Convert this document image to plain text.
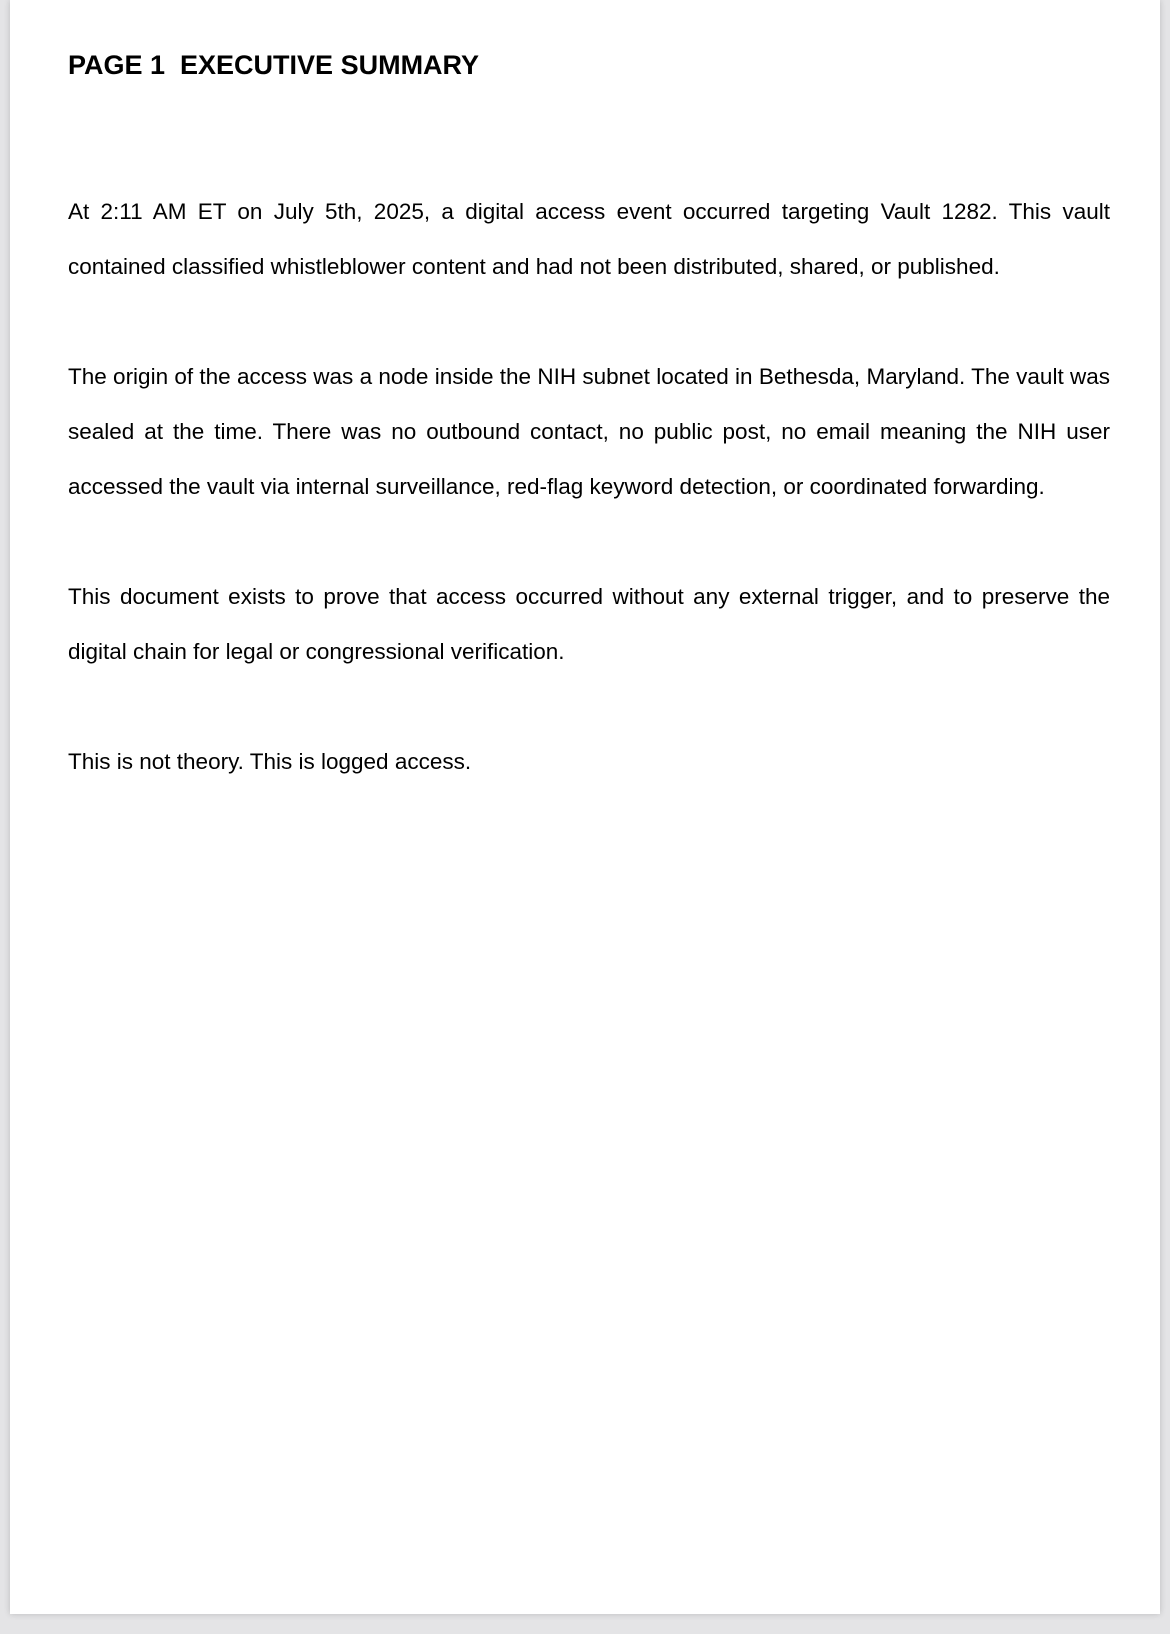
PAGE 1  EXECUTIVE SUMMARY

At 2:11 AM ET on July 5th, 2025, a digital access event occurred targeting Vault 1282. This vault contained classified whistleblower content and had not been distributed, shared, or published.

The origin of the access was a node inside the NIH subnet located in Bethesda, Maryland. The vault was sealed at the time. There was no outbound contact, no public post, no email meaning the NIH user accessed the vault via internal surveillance, red-flag keyword detection, or coordinated forwarding.

This document exists to prove that access occurred without any external trigger, and to preserve the digital chain for legal or congressional verification.

This is not theory. This is logged access.
